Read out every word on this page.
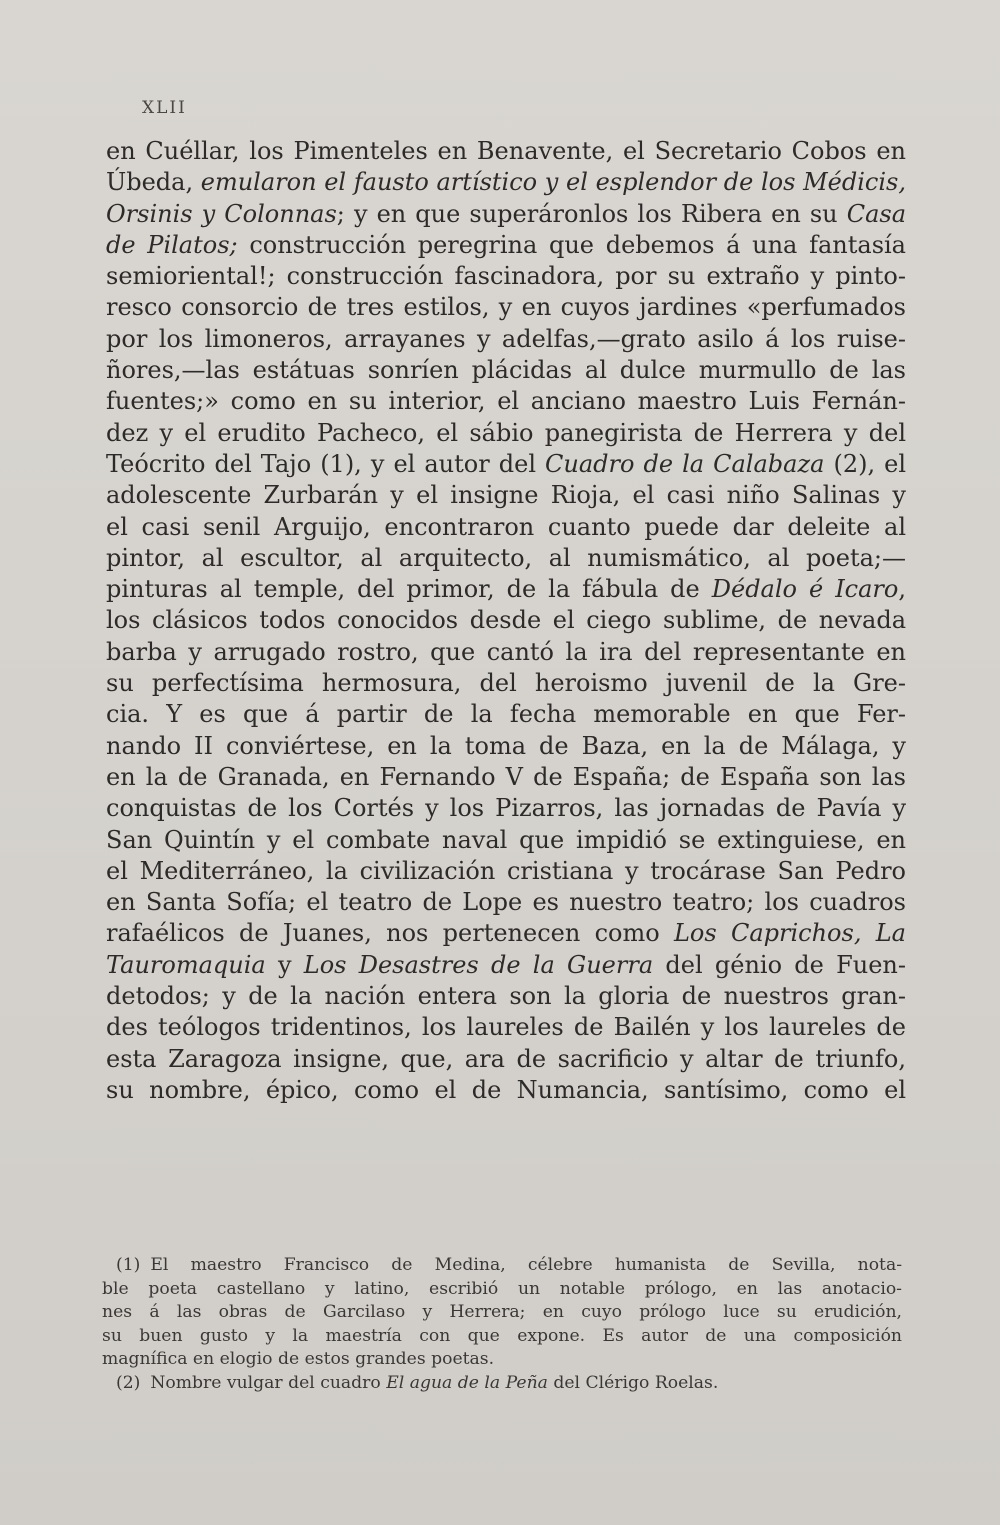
XLII
en Cuéllar, los Pimenteles en Benavente, el Secretario Cobos en
Úbeda, emularon el fausto artístico y el esplendor de los Médicis,
Orsinis y Colonnas; y en que superáronlos los Ribera en su Casa
de Pilatos; construcción peregrina que debemos á una fantasía
semioriental!; construcción fascinadora, por su extraño y pinto-
resco consorcio de tres estilos, y en cuyos jardines «perfumados
por los limoneros, arrayanes y adelfas,—grato asilo á los ruise-
ñores,—las estátuas sonríen plácidas al dulce murmullo de las
fuentes;» como en su interior, el anciano maestro Luis Fernán-
dez y el erudito Pacheco, el sábio panegirista de Herrera y del
Teócrito del Tajo (1), y el autor del Cuadro de la Calabaza (2), el
adolescente Zurbarán y el insigne Rioja, el casi niño Salinas y
el casi senil Arguijo, encontraron cuanto puede dar deleite al
pintor, al escultor, al arquitecto, al numismático, al poeta;—
pinturas al temple, del primor, de la fábula de Dédalo é Icaro,
los clásicos todos conocidos desde el ciego sublime, de nevada
barba y arrugado rostro, que cantó la ira del representante en
su perfectísima hermosura, del heroismo juvenil de la Gre-
cia. Y es que á partir de la fecha memorable en que Fer-
nando II conviértese, en la toma de Baza, en la de Málaga, y
en la de Granada, en Fernando V de España; de España son las
conquistas de los Cortés y los Pizarros, las jornadas de Pavía y
San Quintín y el combate naval que impidió se extinguiese, en
el Mediterráneo, la civilización cristiana y trocárase San Pedro
en Santa Sofía; el teatro de Lope es nuestro teatro; los cuadros
rafaélicos de Juanes, nos pertenecen como Los Caprichos, La
Tauromaquia y Los Desastres de la Guerra del génio de Fuen-
detodos; y de la nación entera son la gloria de nuestros gran-
des teólogos tridentinos, los laureles de Bailén y los laureles de
esta Zaragoza insigne, que, ara de sacrificio y altar de triunfo,
su nombre, épico, como el de Numancia, santísimo, como el
(1) El maestro Francisco de Medina, célebre humanista de Sevilla, nota-
ble poeta castellano y latino, escribió un notable prólogo, en las anotacio-
nes á las obras de Garcilaso y Herrera; en cuyo prólogo luce su erudición,
su buen gusto y la maestría con que expone. Es autor de una composición
magnífica en elogio de estos grandes poetas.
(2) Nombre vulgar del cuadro El agua de la Peña del Clérigo Roelas.
